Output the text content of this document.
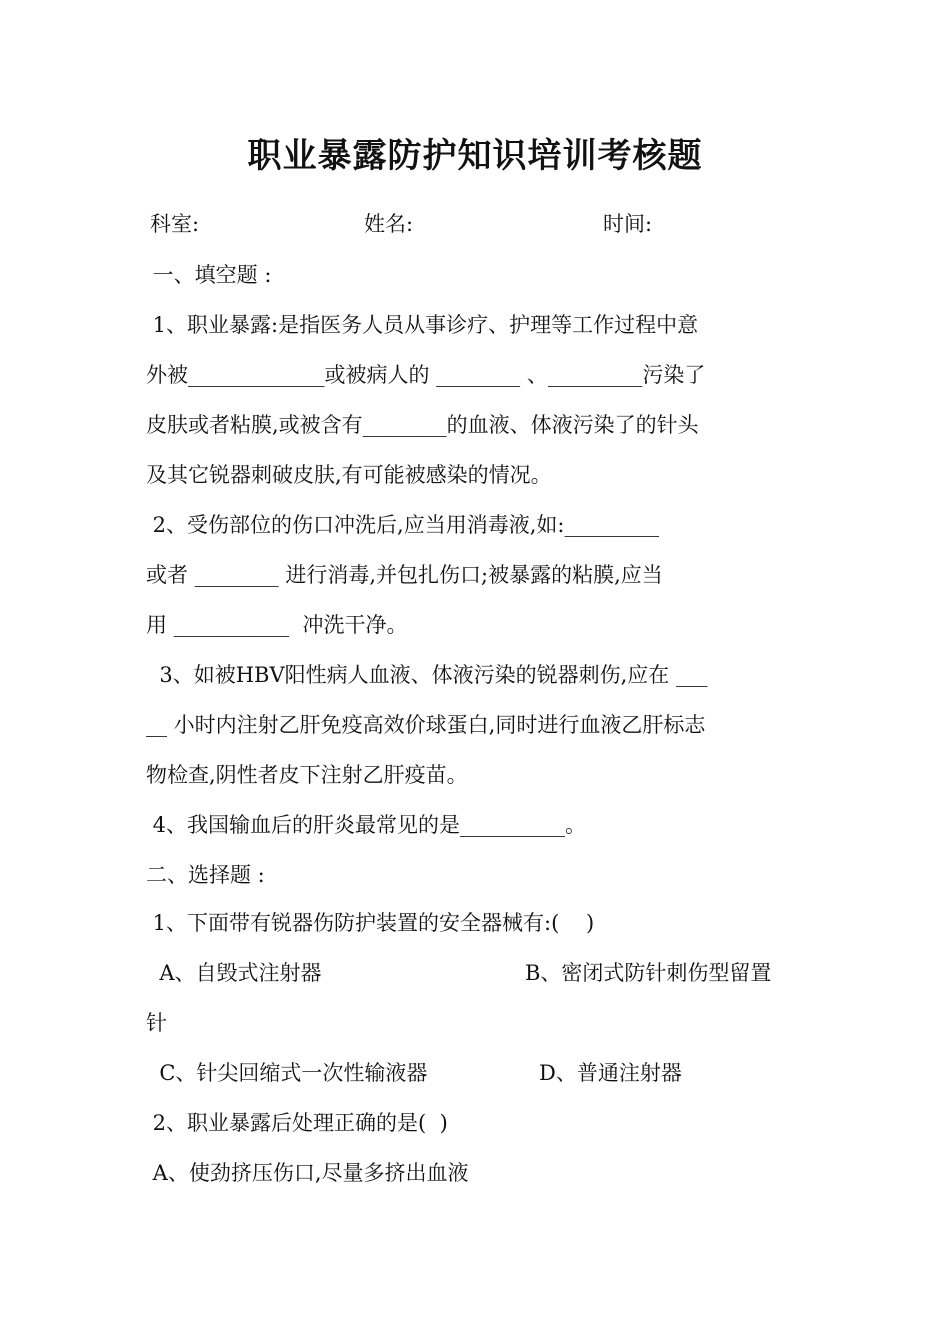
职业暴露防护知识培训考核题
科室:	姓名:	时间:
一、填空题 :
1、职业暴露:是指医务人员从事诊疗、护理等工作过程中意
外被_____________或被病人的 ________ 、_________污染了
皮肤或者粘膜,或被含有________的血液、体液污染了的针头
及其它锐器刺破皮肤,有可能被感染的情况。
2、受伤部位的伤口冲洗后,应当用消毒液,如:_________
或者 ________ 进行消毒,并包扎伤口;被暴露的粘膜,应当
用 ___________  冲洗干净。
3、如被HBV阳性病人血液、体液污染的锐器刺伤,应在 ___
__ 小时内注射乙肝免疫高效价球蛋白,同时进行血液乙肝标志
物检查,阴性者皮下注射乙肝疫苗。
4、我国输血后的肝炎最常见的是__________。
二、选择题 :
1、下面带有锐器伤防护装置的安全器械有:(    )
A、自毁式注射器	B、密闭式防针刺伤型留置
针
C、针尖回缩式一次性输液器	D、普通注射器
2、职业暴露后处理正确的是(  )
A、使劲挤压伤口,尽量多挤出血液
